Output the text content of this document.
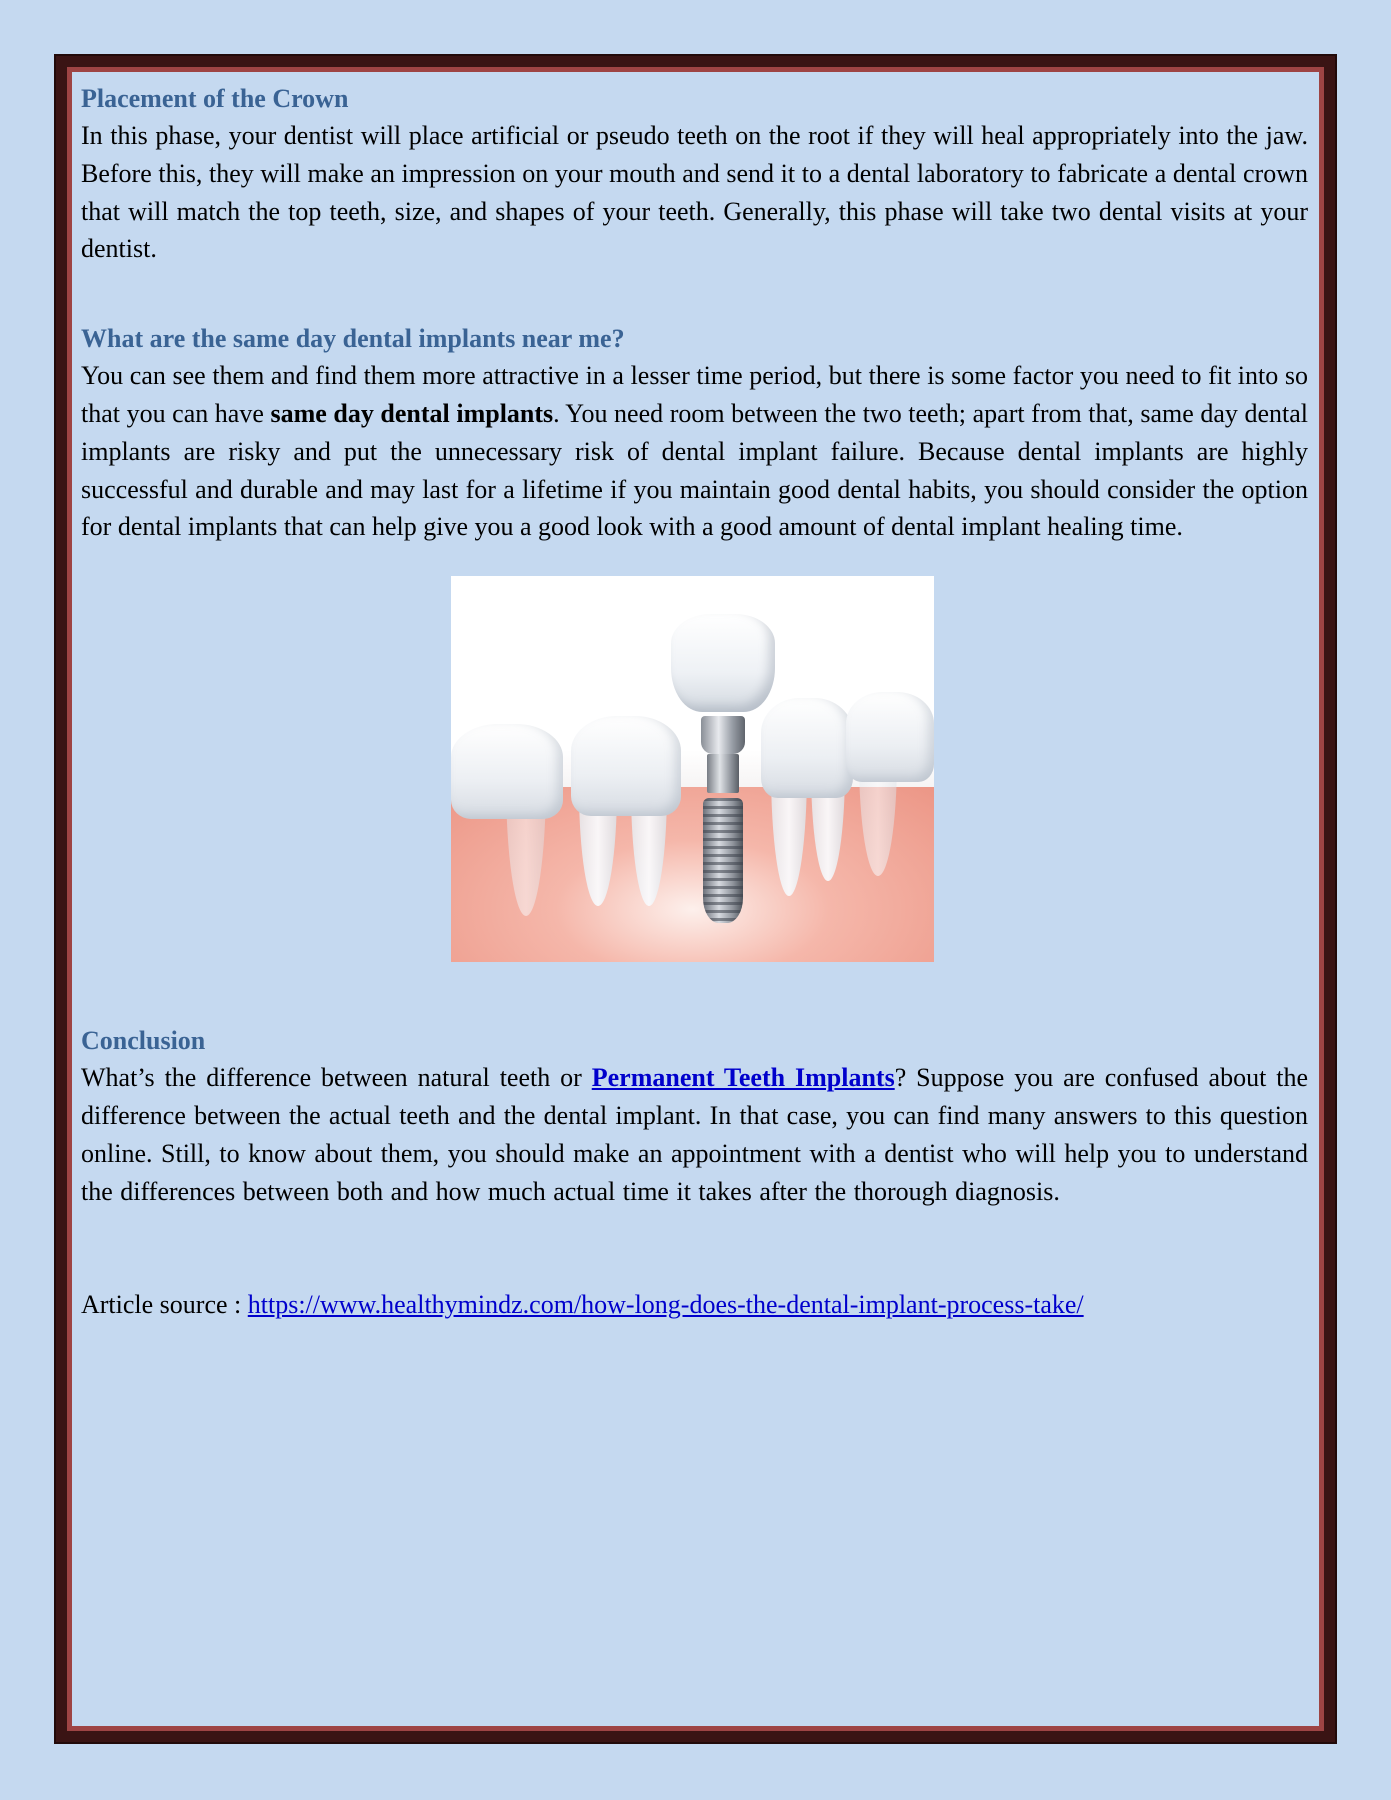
Placement of the Crown

In this phase, your dentist will place artificial or pseudo teeth on the root if they will heal appropriately into the jaw. Before this, they will make an impression on your mouth and send it to a dental laboratory to fabricate a dental crown that will match the top teeth, size, and shapes of your teeth. Generally, this phase will take two dental visits at your dentist.

What are the same day dental implants near me?

You can see them and find them more attractive in a lesser time period, but there is some factor you need to fit into so that you can have same day dental implants. You need room between the two teeth; apart from that, same day dental implants are risky and put the unnecessary risk of dental implant failure. Because dental implants are highly successful and durable and may last for a lifetime if you maintain good dental habits, you should consider the option for dental implants that can help give you a good look with a good amount of dental implant healing time.

Conclusion

What’s the difference between natural teeth or Permanent Teeth Implants? Suppose you are confused about the difference between the actual teeth and the dental implant. In that case, you can find many answers to this question online. Still, to know about them, you should make an appointment with a dentist who will help you to understand the differences between both and how much actual time it takes after the thorough diagnosis.

Article source : https://www.healthymindz.com/how-long-does-the-dental-implant-process-take/
